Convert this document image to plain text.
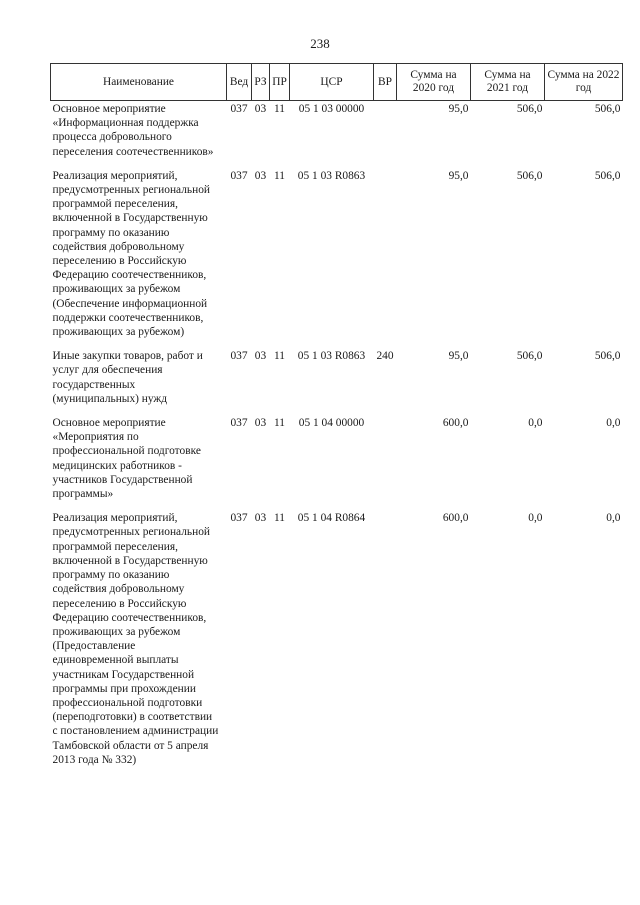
238
Наименование	Вед	РЗ	ПР	ЦСР	ВР	Сумма на 2020 год	Сумма на 2021 год	Сумма на 2022 год
Основное мероприятие «Информационная поддержка процесса добровольного переселения соотечественников»	037	03	11	05 1 03 00000		95,0	506,0	506,0
Реализация мероприятий, предусмотренных региональной программой переселения, включенной в Государственную программу по оказанию содействия добровольному переселению в Российскую Федерацию соотечественников, проживающих за рубежом (Обеспечение информационной поддержки соотечественников, проживающих за рубежом)	037	03	11	05 1 03 R0863		95,0	506,0	506,0
Иные закупки товаров, работ и услуг для обеспечения государственных (муниципальных) нужд	037	03	11	05 1 03 R0863	240	95,0	506,0	506,0
Основное мероприятие «Мероприятия по профессиональной подготовке медицинских работников - участников Государственной программы»	037	03	11	05 1 04 00000		600,0	0,0	0,0
Реализация мероприятий, предусмотренных региональной программой переселения, включенной в Государственную программу по оказанию содействия добровольному переселению в Российскую Федерацию соотечественников, проживающих за рубежом (Предоставление единовременной выплаты участникам Государственной программы при прохождении профессиональной подготовки (переподготовки) в соответствии с постановлением администрации Тамбовской области от 5 апреля 2013 года № 332)	037	03	11	05 1 04 R0864		600,0	0,0	0,0
